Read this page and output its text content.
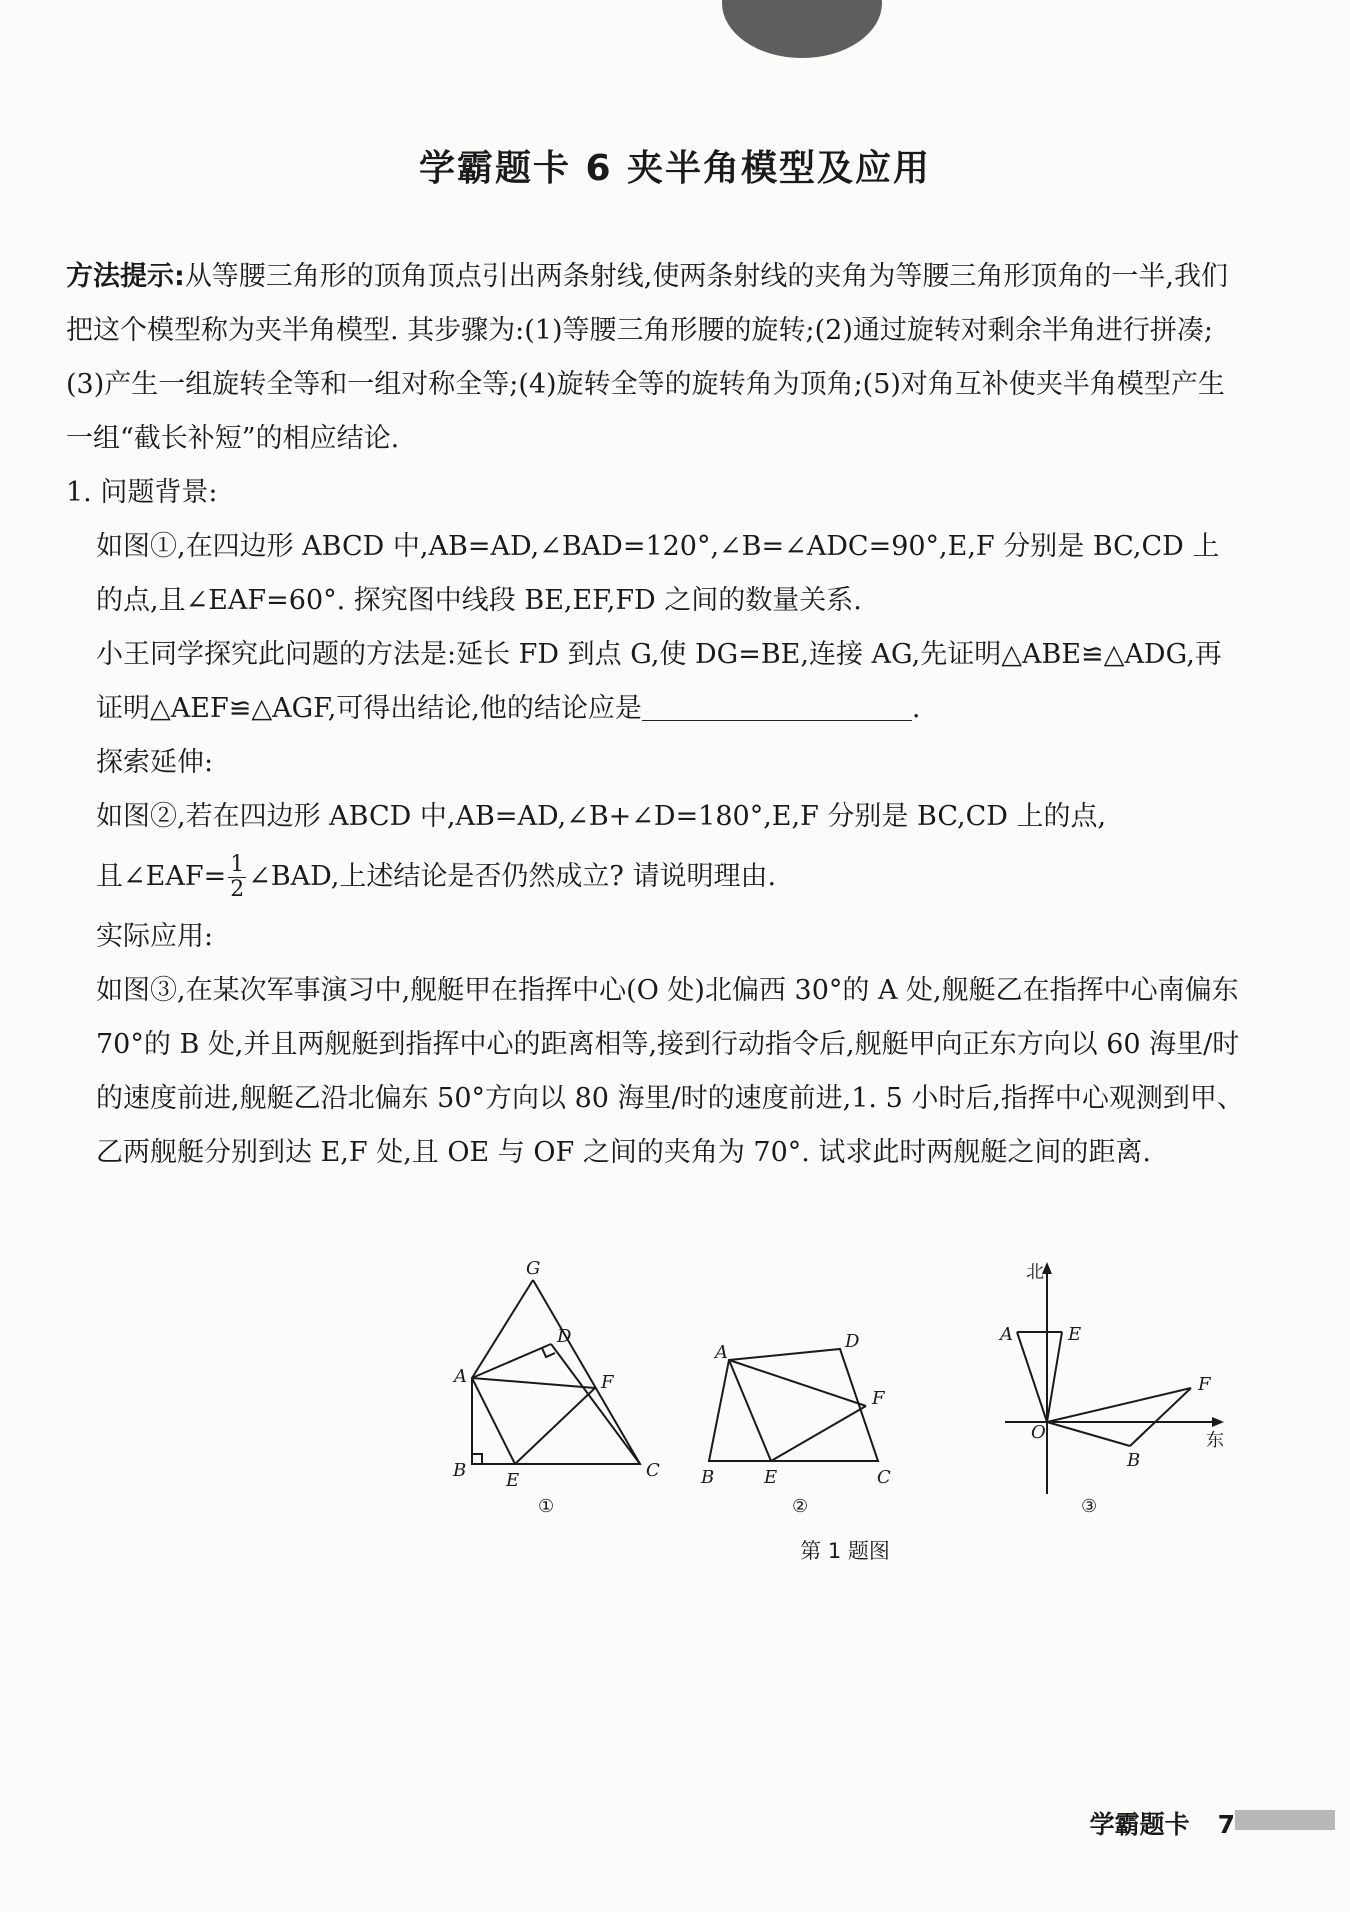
学霸题卡 6 夹半角模型及应用

方法提示:从等腰三角形的顶角顶点引出两条射线,使两条射线的夹角为等腰三角形顶角的一半,我们把这个模型称为夹半角模型. 其步骤为:(1)等腰三角形腰的旋转;(2)通过旋转对剩余半角进行拼凑;(3)产生一组旋转全等和一组对称全等;(4)旋转全等的旋转角为顶角;(5)对角互补使夹半角模型产生一组“截长补短”的相应结论.

1. 问题背景:

如图①,在四边形 ABCD 中,AB=AD,∠BAD=120°,∠B=∠ADC=90°,E,F 分别是 BC,CD 上的点,且∠EAF=60°. 探究图中线段 BE,EF,FD 之间的数量关系.

小王同学探究此问题的方法是:延长 FD 到点 G,使 DG=BE,连接 AG,先证明△ABE≌△ADG,再证明△AEF≌△AGF,可得出结论,他的结论应是	.

探索延伸:

如图②,若在四边形 ABCD 中,AB=AD,∠B+∠D=180°,E,F 分别是 BC,CD 上的点,

且∠EAF= $\frac{1}{2}$ ∠BAD,上述结论是否仍然成立? 请说明理由.

实际应用:

如图③,在某次军事演习中,舰艇甲在指挥中心(O 处)北偏西 30°的 A 处,舰艇乙在指挥中心南偏东 70°的 B 处,并且两舰艇到指挥中心的距离相等,接到行动指令后,舰艇甲向正东方向以 60 海里/时的速度前进,舰艇乙沿北偏东 50°方向以 80 海里/时的速度前进,1. 5 小时后,指挥中心观测到甲、乙两舰艇分别到达 E,F 处,且 OE 与 OF 之间的夹角为 70°. 试求此时两舰艇之间的距离.

G
D
A	F
B E	C
①
A
D
F
B	E	C
②
北
东
A	E
F
O
B
③
第 1 题图
学霸题卡 7
